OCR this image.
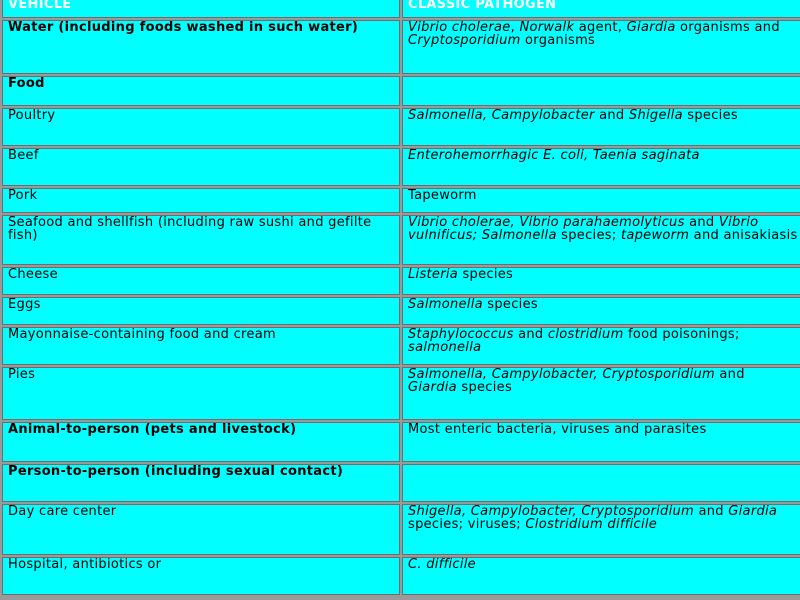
VEHICLE	CLASSIC PATHOGEN
Water (including foods washed in such water)	Vibrio cholerae, Norwalk agent, Giardia organisms and Cryptosporidium organisms
Food	
Poultry	Salmonella, Campylobacter and Shigella species
Beef	Enterohemorrhagic E. coli, Taenia saginata
Pork	Tapeworm
Seafood and shellfish (including raw sushi and gefilte fish)	Vibrio cholerae, Vibrio parahaemolyticus and Vibrio vulnificus; Salmonella species; tapeworm and anisakiasis
Cheese	Listeria species
Eggs	Salmonella species
Mayonnaise-containing food and cream	Staphylococcus and clostridium food poisonings; salmonella
Pies	Salmonella, Campylobacter, Cryptosporidium and Giardia species
Animal-to-person (pets and livestock)	Most enteric bacteria, viruses and parasites
Person-to-person (including sexual contact)	
Day care center	Shigella, Campylobacter, Cryptosporidium and Giardia species; viruses; Clostridium difficile
Hospital, antibiotics or	C. difficile
